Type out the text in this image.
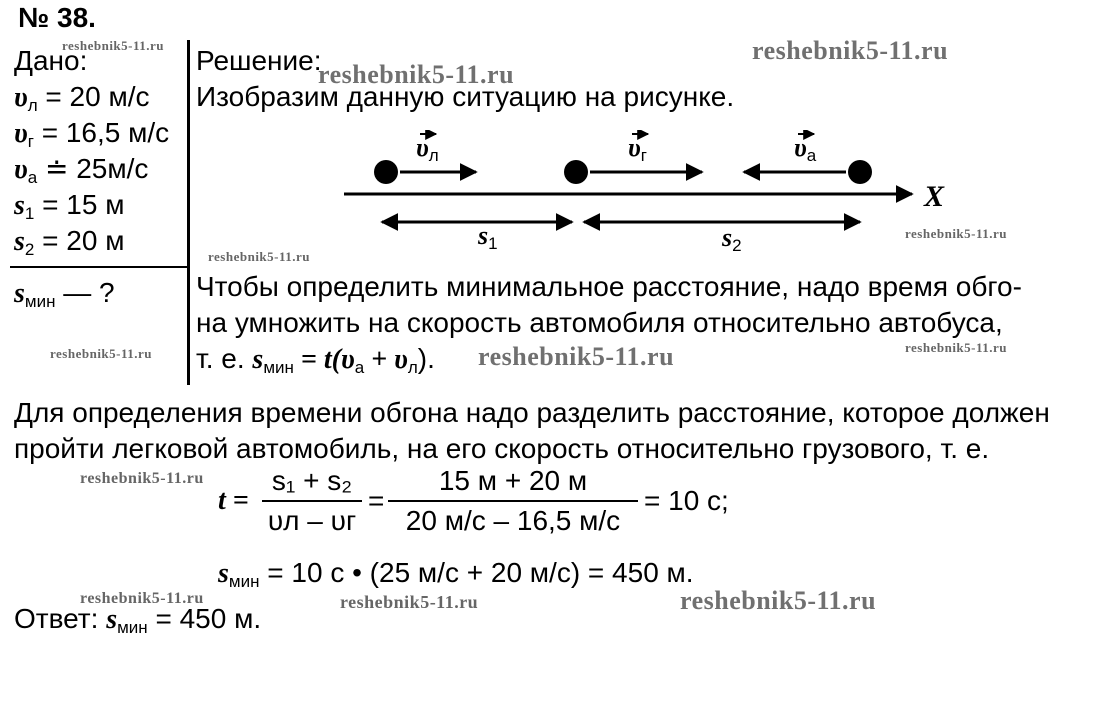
№ 38.
reshebnik5-11.ru	reshebnik5-11.ru
reshebnik5-11.ru
reshebnik5-11.ru
reshebnik5-11.ru
reshebnik5-11.ru	reshebnik5-11.ru
reshebnik5-11.ru
reshebnik5-11.ru
reshebnik5-11.ru	reshebnik5-11.ru	reshebnik5-11.ru
Дано:
$\upsilon_л = 20$ м/с
$\upsilon_г = 16,5$ м/с
$\upsilon_а$ ≐ 25м/с
$s_1 = 15$ м
$s_2 = 20$ м
$s_{мин}$ — ?
Решение:
Изобразим данную ситуацию на рисунке.
$\upsilon_л$	$\upsilon_г$	$\upsilon_а$
X
$s_1$	$s_2$
Чтобы определить минимальное расстояние, надо время обго-
на умножить на скорость автомобиля относительно автобуса,
т. е. $s_{мин} = t(\upsilon_а + \upsilon_л)$.
Для определения времени обгона надо разделить расстояние, которое должен
пройти легковой автомобиль, на его скорость относительно грузового, т. е.
t =
s₁ + s₂
υл – υг
=
15 м + 20 м
20 м/с – 16,5 м/с
= 10 с;
$s_{мин} = 10$ с • (25 м/с + 20 м/с) = 450 м.
Ответ: $s_{мин} = 450$ м.
